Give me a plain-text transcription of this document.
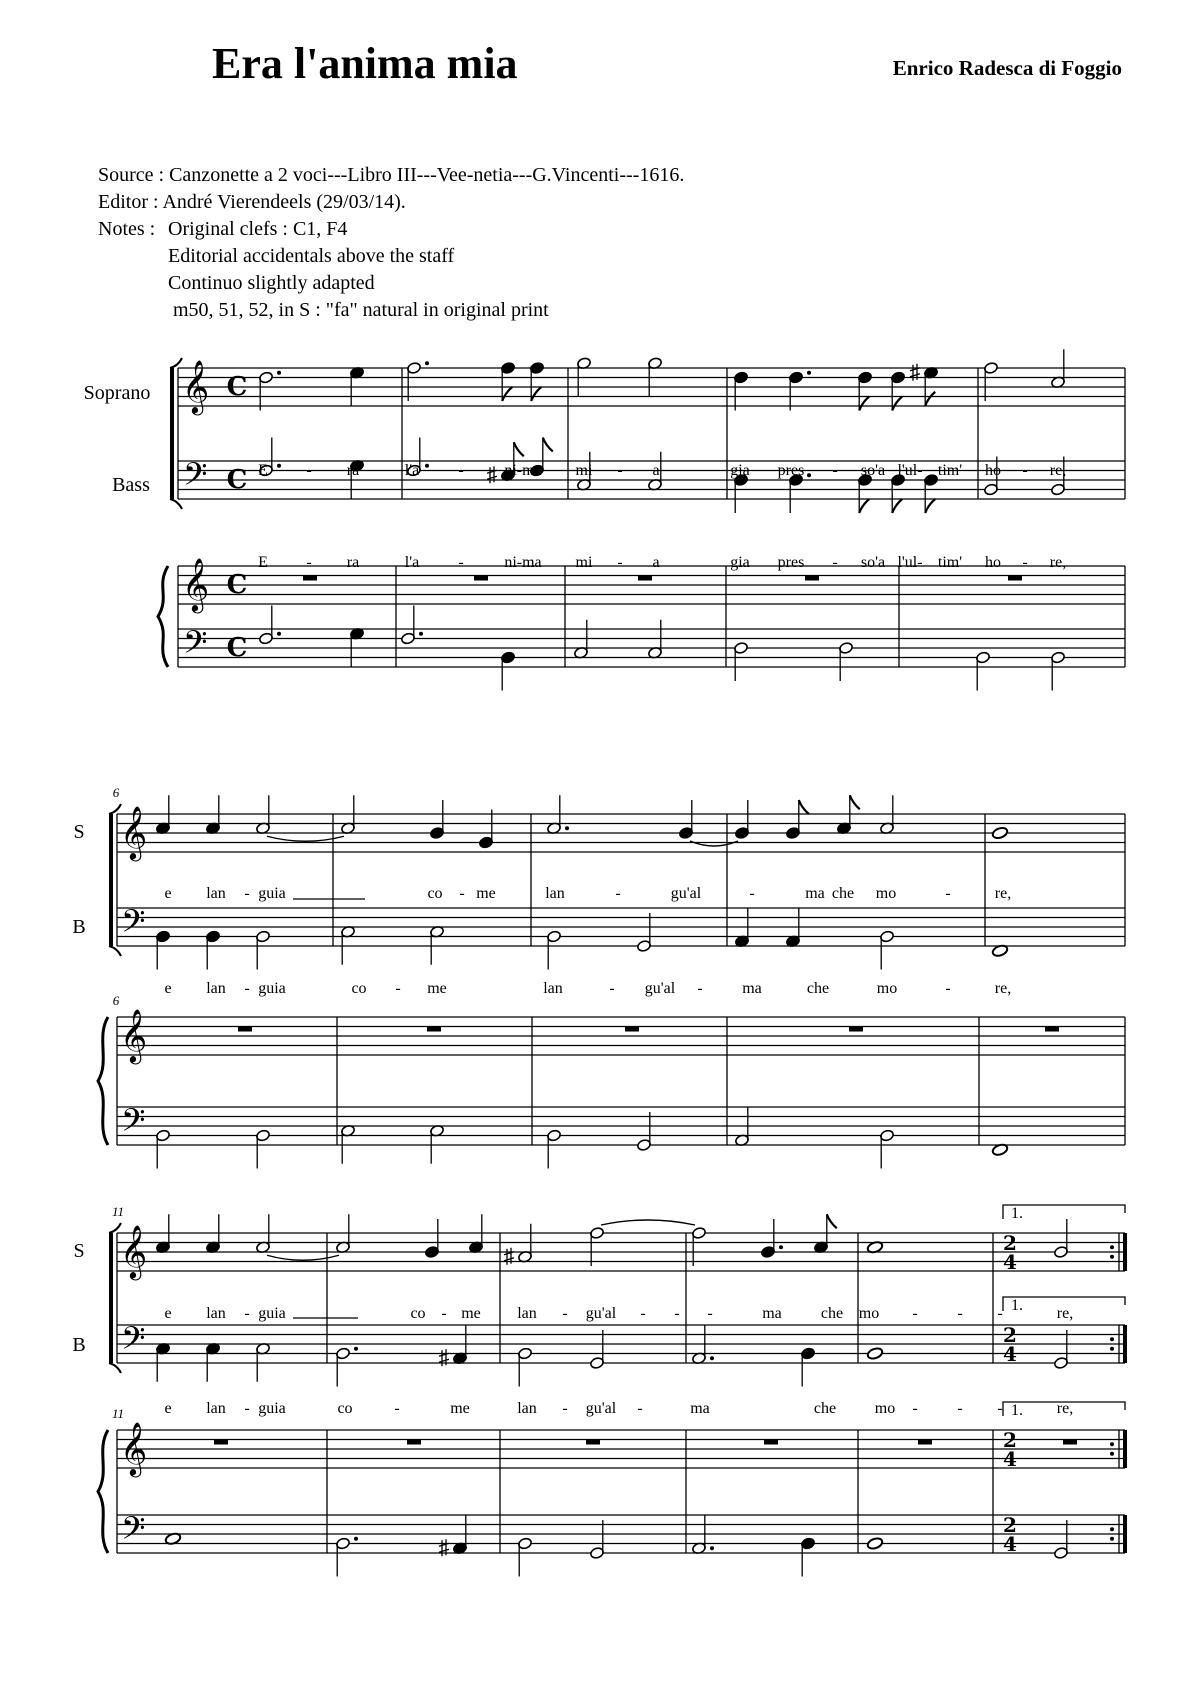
Era l'anima mia	Enrico Radesca di Foggio
Source : Canzonette a 2 voci---Libro III---Vee-netia---G.Vincenti---1616.
Editor : André Vierendeels (29/03/14).
Notes : Original clefs : C1, F4
Editorial accidentals above the staff
Continuo slightly adapted
m50, 51, 52, in S : "fa" natural in original print
Soprano
Bass
𝄞
𝄢
𝄞
𝄢
C
C
C
C
E - ra	l'a -	ni-ma mi - a	gia pres - so'a l'ul- tim' ho - re,
E - ra	l'a -	ni-ma mi - a	gia pres - so'a l'ul- tim' ho - re,
S
B
6
6
𝄞
𝄢
𝄞
𝄢
e lan - guia	co - me	lan	-	gu'al	-	ma che mo	-	re,
e lan - guia	co - me	lan	- gu'al - ma	che	mo	-	re,
S
B
11
11
𝄞
𝄢
𝄞
𝄢
2
4
2
4
2
4
2
4
1.
1.
1.
e lan - guia	co - me lan - gu'al - - -	ma che mo - - -	re,
e lan - guia	co	-	me	lan - gu'al -	ma	che mo - - -	re,
